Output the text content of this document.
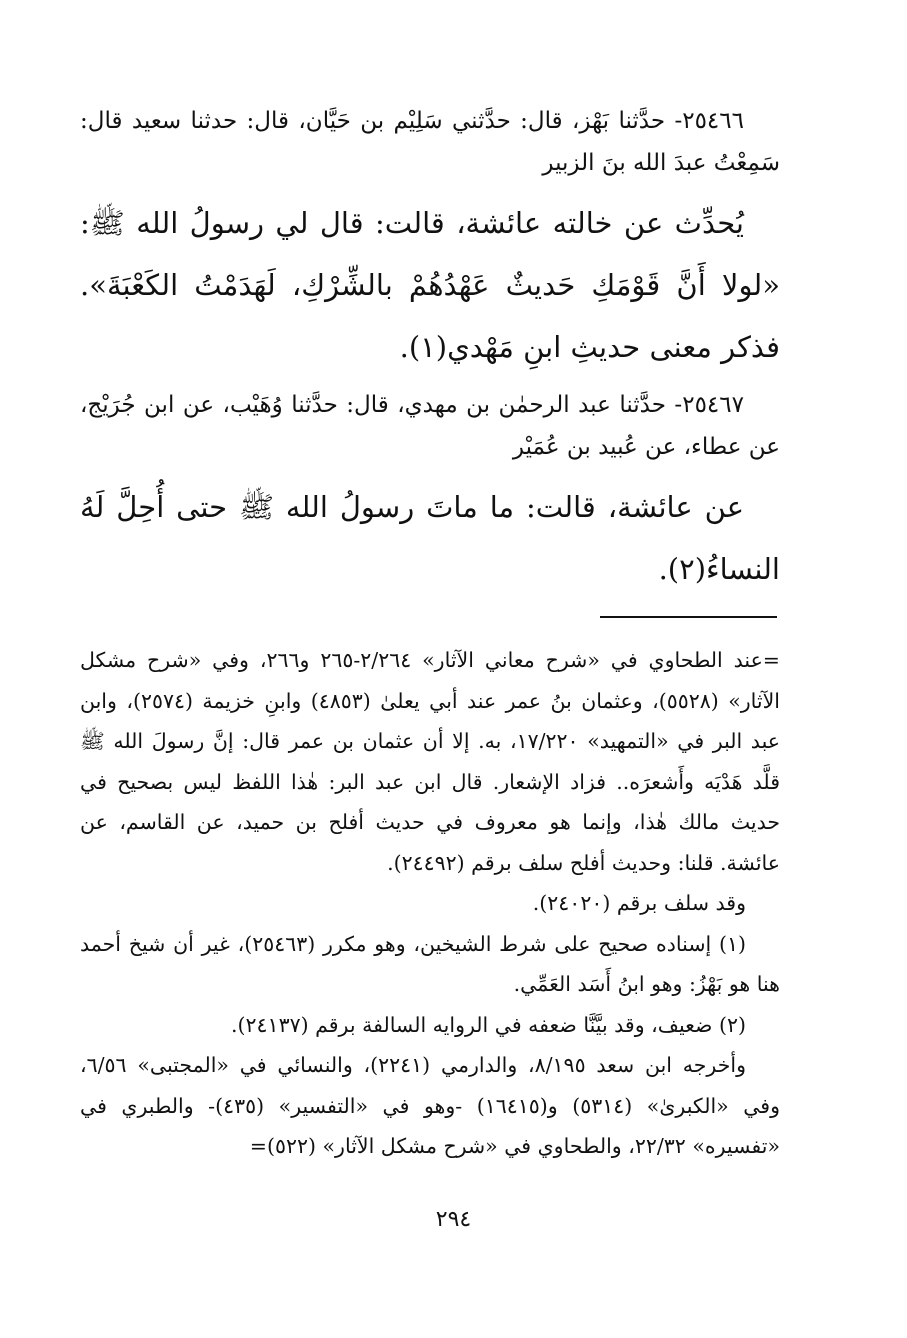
٢٥٤٦٦- حدَّثنا بَهْز، قال: حدَّثني سَلِيْم بن حَيَّان، قال: حدثنا سعيد قال: سَمِعْتُ عبدَ الله بنَ الزبير

يُحدِّث عن خالته عائشة، قالت: قال لي رسولُ الله ﷺ: «لولا أَنَّ قَوْمَكِ حَديثٌ عَهْدُهُمْ بالشِّرْكِ، لَهَدَمْتُ الكَعْبَةَ». فذكر معنى حديثِ ابنِ مَهْدي(١).

٢٥٤٦٧- حدَّثنا عبد الرحمٰن بن مهدي، قال: حدَّثنا وُهَيْب، عن ابن جُرَيْج، عن عطاء، عن عُبيد بن عُمَيْر

عن عائشة، قالت: ما ماتَ رسولُ الله ﷺ حتى أُحِلَّ لَهُ النساءُ(٢).

=عند الطحاوي في «شرح معاني الآثار» ٢/٢٦٤-٢٦٥ و٢٦٦، وفي «شرح مشكل الآثار» (٥٥٢٨)، وعثمان بنُ عمر عند أبي يعلىٰ (٤٨٥٣) وابنِ خزيمة (٢٥٧٤)، وابن عبد البر في «التمهيد» ١٧/٢٢٠، به. إلا أن عثمان بن عمر قال: إنَّ رسولَ الله ﷺ قلَّد هَدْيَه وأَشعرَه.. فزاد الإشعار. قال ابن عبد البر: هٰذا اللفظ ليس بصحيح في حديث مالك هٰذا، وإنما هو معروف في حديث أفلح بن حميد، عن القاسم، عن عائشة. قلنا: وحديث أفلح سلف برقم (٢٤٤٩٢).

وقد سلف برقم (٢٤٠٢٠).

(١) إسناده صحيح على شرط الشيخين، وهو مكرر (٢٥٤٦٣)، غير أن شيخ أحمد هنا هو بَهْزُ: وهو ابنُ أَسَد العَمِّي.

(٢) ضعيف، وقد بيَّنَّا ضعفه في الروايه السالفة برقم (٢٤١٣٧).

وأخرجه ابن سعد ٨/١٩٥، والدارمي (٢٢٤١)، والنسائي في «المجتبى» ٦/٥٦، وفي «الكبرىٰ» (٥٣١٤) و(١٦٤١٥) -وهو في «التفسير» (٤٣٥)- والطبري في «تفسيره» ٢٢/٣٢، والطحاوي في «شرح مشكل الآثار» (٥٢٢)=

٢٩٤
